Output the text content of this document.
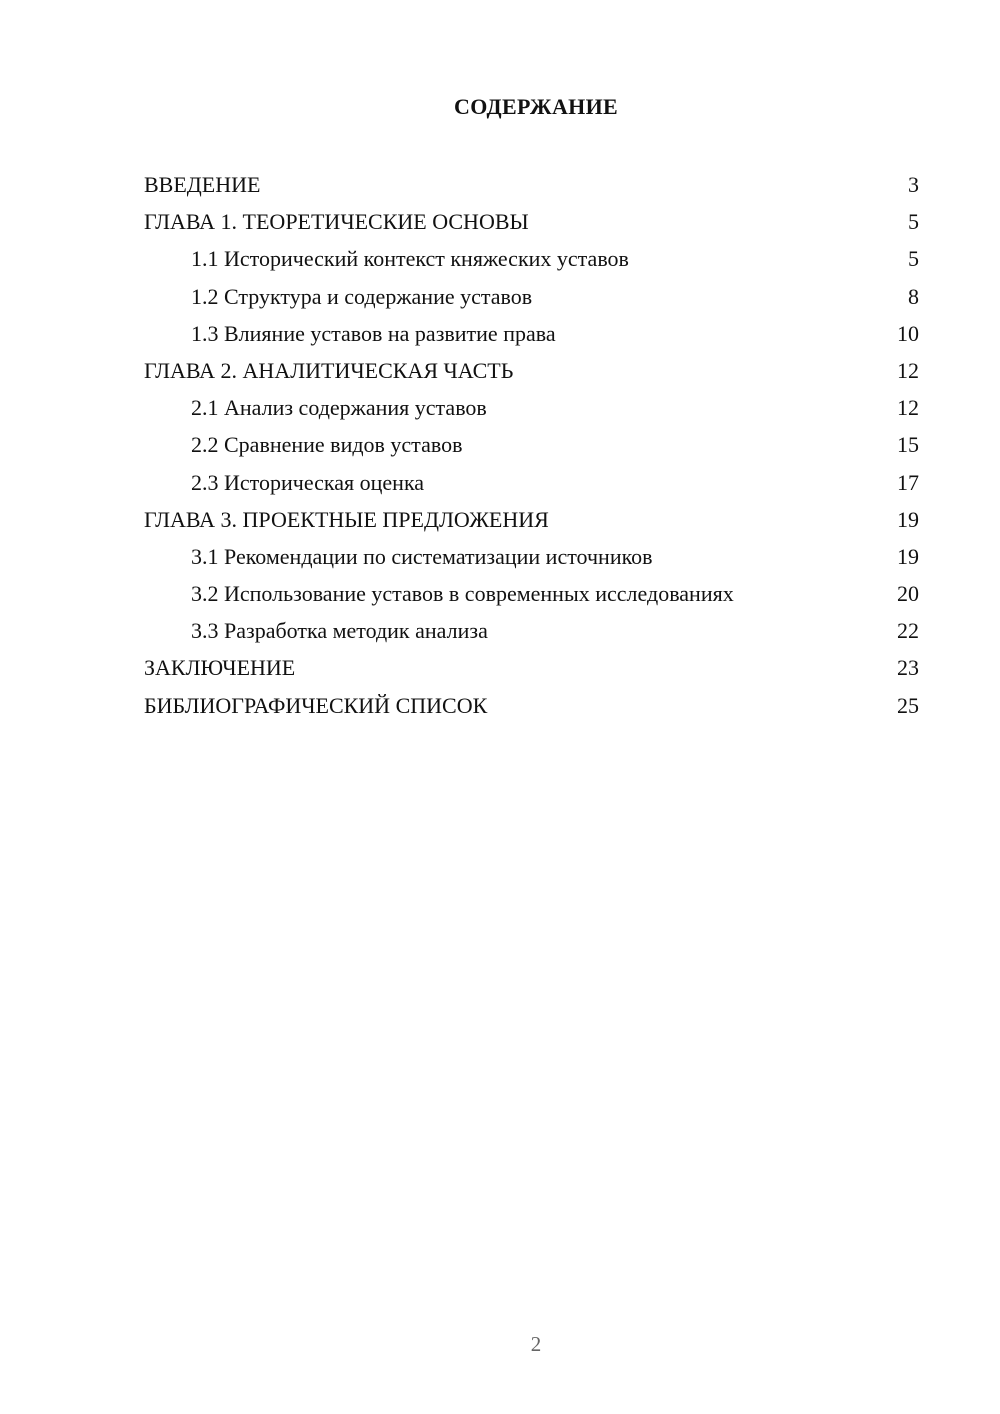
СОДЕРЖАНИЕ
ВВЕДЕНИЕ	3
ГЛАВА 1. ТЕОРЕТИЧЕСКИЕ ОСНОВЫ	5
1.1 Исторический контекст княжеских уставов	5
1.2 Структура и содержание уставов	8
1.3 Влияние уставов на развитие права	10
ГЛАВА 2. АНАЛИТИЧЕСКАЯ ЧАСТЬ	12
2.1 Анализ содержания уставов	12
2.2 Сравнение видов уставов	15
2.3 Историческая оценка	17
ГЛАВА 3. ПРОЕКТНЫЕ ПРЕДЛОЖЕНИЯ	19
3.1 Рекомендации по систематизации источников	19
3.2 Использование уставов в современных исследованиях	20
3.3 Разработка методик анализа	22
ЗАКЛЮЧЕНИЕ	23
БИБЛИОГРАФИЧЕСКИЙ СПИСОК	25
2
